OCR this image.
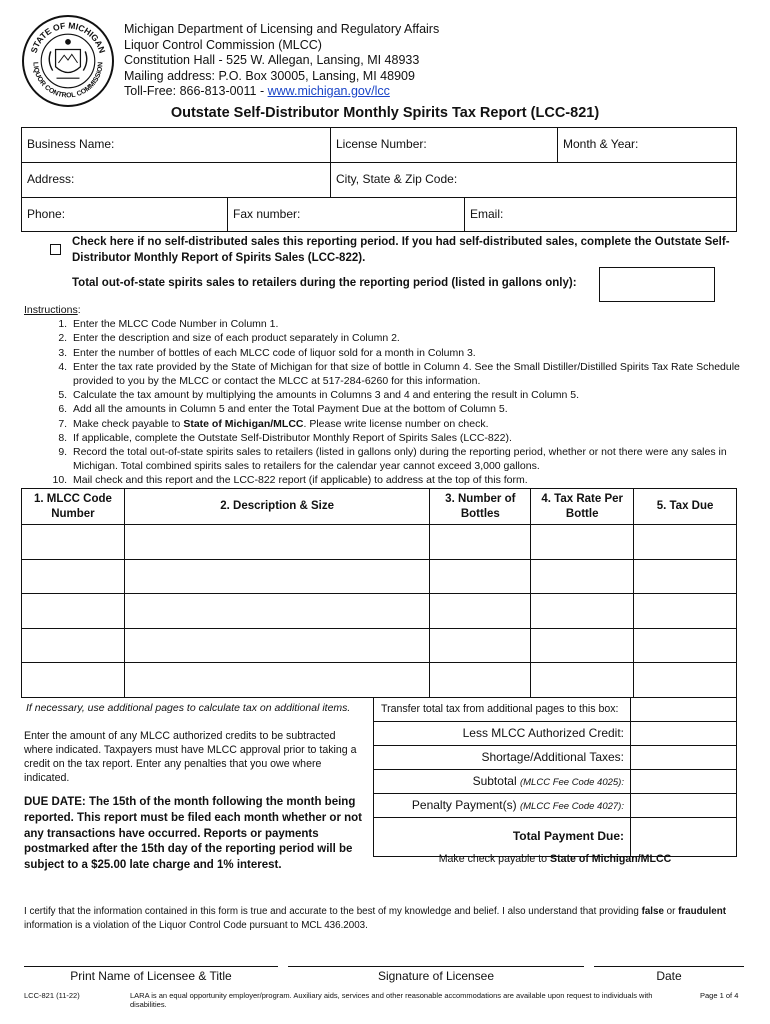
STATE OF MICHIGAN
LIQUOR CONTROL COMMISSION
Michigan Department of Licensing and Regulatory Affairs
Liquor Control Commission (MLCC)
Constitution Hall - 525 W. Allegan, Lansing, MI 48933
Mailing address: P.O. Box 30005, Lansing, MI 48909
Toll-Free: 866-813-0011 - www.michigan.gov/lcc
Outstate Self-Distributor Monthly Spirits Tax Report (LCC-821)
Business Name:	License Number:	Month & Year:
Address:	City, State & Zip Code:
Phone:	Fax number:	Email:
Check here if no self-distributed sales this reporting period. If you had self-distributed sales, complete the Outstate Self-Distributor Monthly Report of Spirits Sales (LCC-822).
Total out-of-state spirits sales to retailers during the reporting period (listed in gallons only):
Instructions:
1. Enter the MLCC Code Number in Column 1.
2. Enter the description and size of each product separately in Column 2.
3. Enter the number of bottles of each MLCC code of liquor sold for a month in Column 3.
4. Enter the tax rate provided by the State of Michigan for that size of bottle in Column 4. See the Small Distiller/Distilled Spirits Tax Rate Schedule provided to you by the MLCC or contact the MLCC at 517-284-6260 for this information.
5. Calculate the tax amount by multiplying the amounts in Columns 3 and 4 and entering the result in Column 5.
6. Add all the amounts in Column 5 and enter the Total Payment Due at the bottom of Column 5.
7. Make check payable to State of Michigan/MLCC. Please write license number on check.
8. If applicable, complete the Outstate Self-Distributor Monthly Report of Spirits Sales (LCC-822).
9. Record the total out-of-state spirits sales to retailers (listed in gallons only) during the reporting period, whether or not there were any sales in Michigan. Total combined spirits sales to retailers for the calendar year cannot exceed 3,000 gallons.
10. Mail check and this report and the LCC-822 report (if applicable) to address at the top of this form.
1. MLCC Code Number	2. Description & Size	3. Number of Bottles	4. Tax Rate Per Bottle	5. Tax Due

If necessary, use additional pages to calculate tax on additional items.
Enter the amount of any MLCC authorized credits to be subtracted where indicated. Taxpayers must have MLCC approval prior to taking a credit on the tax report. Enter any penalties that you owe where indicated.
DUE DATE: The 15th of the month following the month being reported. This report must be filed each month whether or not any transactions have occurred. Reports or payments postmarked after the 15th day of the reporting period will be subject to a $25.00 late charge and 1% interest.
Transfer total tax from additional pages to this box:
Less MLCC Authorized Credit:
Shortage/Additional Taxes:
Subtotal (MLCC Fee Code 4025):
Penalty Payment(s) (MLCC Fee Code 4027):
Total Payment Due:
Make check payable to State of Michigan/MLCC
I certify that the information contained in this form is true and accurate to the best of my knowledge and belief. I also understand that providing false or fraudulent information is a violation of the Liquor Control Code pursuant to MCL 436.2003.
Print Name of Licensee & Title	Signature of Licensee	Date
LCC-821 (11-22)	LARA is an equal opportunity employer/program. Auxiliary aids, services and other reasonable accommodations are available upon request to individuals with disabilities.
Page 1 of 4
